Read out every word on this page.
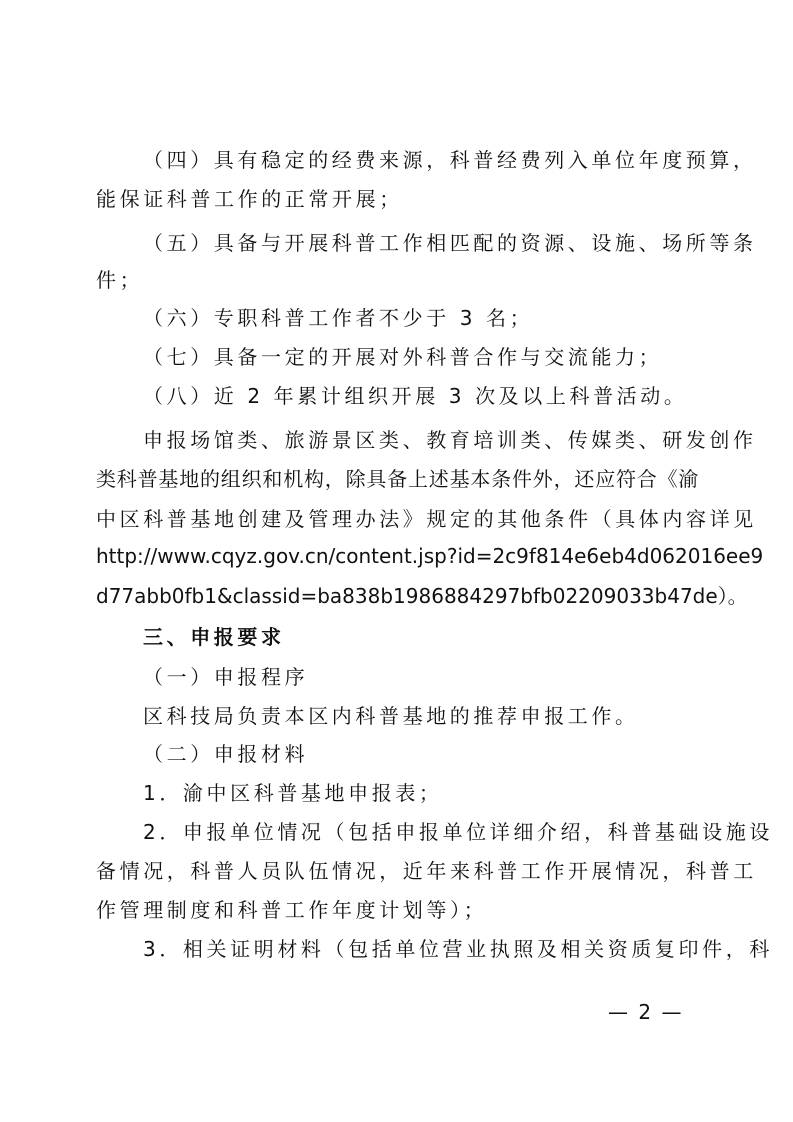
（四）具有稳定的经费来源，科普经费列入单位年度预算，
能保证科普工作的正常开展；
（五）具备与开展科普工作相匹配的资源、设施、场所等条
件；
（六）专职科普工作者不少于 3 名；
（七）具备一定的开展对外科普合作与交流能力；
（八）近 2 年累计组织开展 3 次及以上科普活动。
申报场馆类、旅游景区类、教育培训类、传媒类、研发创作
类科普基地的组织和机构，除具备上述基本条件外，还应符合《渝
中区科普基地创建及管理办法》规定的其他条件（具体内容详见
http://www.cqyz.gov.cn/content.jsp?id=2c9f814e6eb4d062016ee9
d77abb0fb1&classid=ba838b1986884297bfb02209033b47de）。
三、申报要求
（一）申报程序
区科技局负责本区内科普基地的推荐申报工作。
（二）申报材料
1．渝中区科普基地申报表；
2．申报单位情况（包括申报单位详细介绍，科普基础设施设
备情况，科普人员队伍情况，近年来科普工作开展情况，科普工
作管理制度和科普工作年度计划等）；
3．相关证明材料（包括单位营业执照及相关资质复印件，科
— 2 —
